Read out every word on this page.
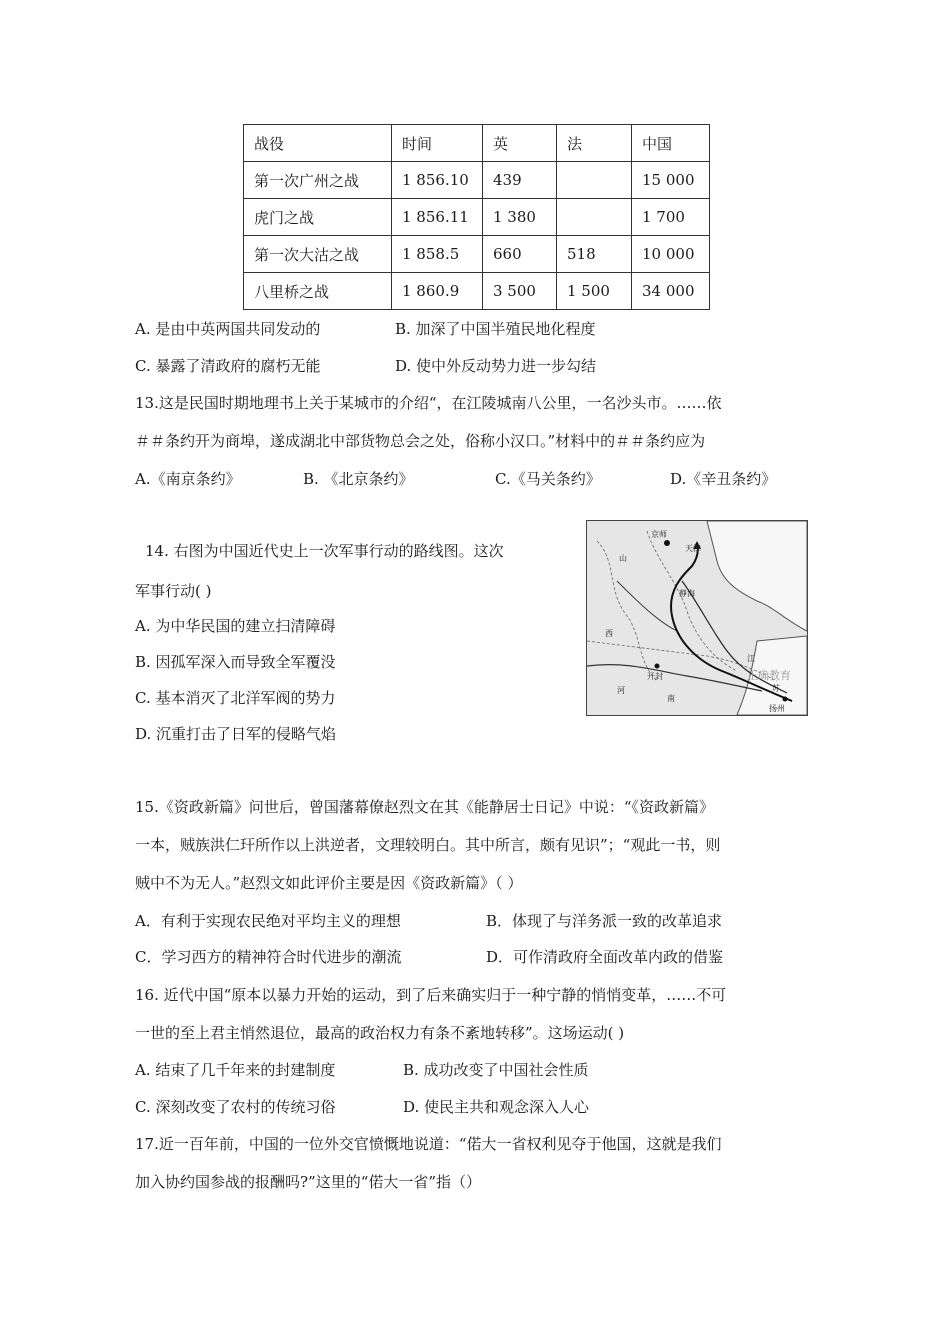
战役	时间	英	法	中国
第一次广州之战	1 856.10	439		15 000
虎门之战	1 856.11	1 380		1 700
第一次大沽之战	1 858.5	660	518	10 000
八里桥之战	1 860.9	3 500	1 500	34 000
A. 是由中英两国共同发动的	B. 加深了中国半殖民地化程度
C. 暴露了清政府的腐朽无能	D. 使中外反动势力进一步勾结
13.这是民国时期地理书上关于某城市的介绍“，在江陵城南八公里，一名沙头市。……依
＃＃条约开为商埠，遂成湖北中部货物总会之处，俗称小汉口。”材料中的＃＃条约应为
A.《南京条约》	B. 《北京条约》	C.《马关条约》	D.《辛丑条约》
14. 右图为中国近代史上一次军事行动的路线图。这次
军事行动( )
A. 为中华民国的建立扫清障碍
B. 因孤军深入而导致全军覆没
C. 基本消灭了北洋军阀的势力
D. 沉重打击了日军的侵略气焰
京师
天津
山
西
开封
河
南
江
苏
扬州
静海
正确教育
15.《资政新篇》问世后，曾国藩幕僚赵烈文在其《能静居士日记》中说：“《资政新篇》
一本，贼族洪仁玕所作以上洪逆者，文理较明白。其中所言，颇有见识”；“观此一书，则
贼中不为无人。”赵烈文如此评价主要是因《资政新篇》（ ）
A．有利于实现农民绝对平均主义的理想	B．体现了与洋务派一致的改革追求
C．学习西方的精神符合时代进步的潮流	D．可作清政府全面改革内政的借鉴
16. 近代中国“原本以暴力开始的运动，到了后来确实归于一种宁静的悄悄变革，……不可
一世的至上君主悄然退位，最高的政治权力有条不紊地转移”。这场运动( )
A. 结束了几千年来的封建制度	B. 成功改变了中国社会性质
C. 深刻改变了农村的传统习俗	D. 使民主共和观念深入人心
17.近一百年前，中国的一位外交官愤慨地说道：“偌大一省权利见夺于他国，这就是我们
加入协约国参战的报酬吗?”这里的“偌大一省”指（）
